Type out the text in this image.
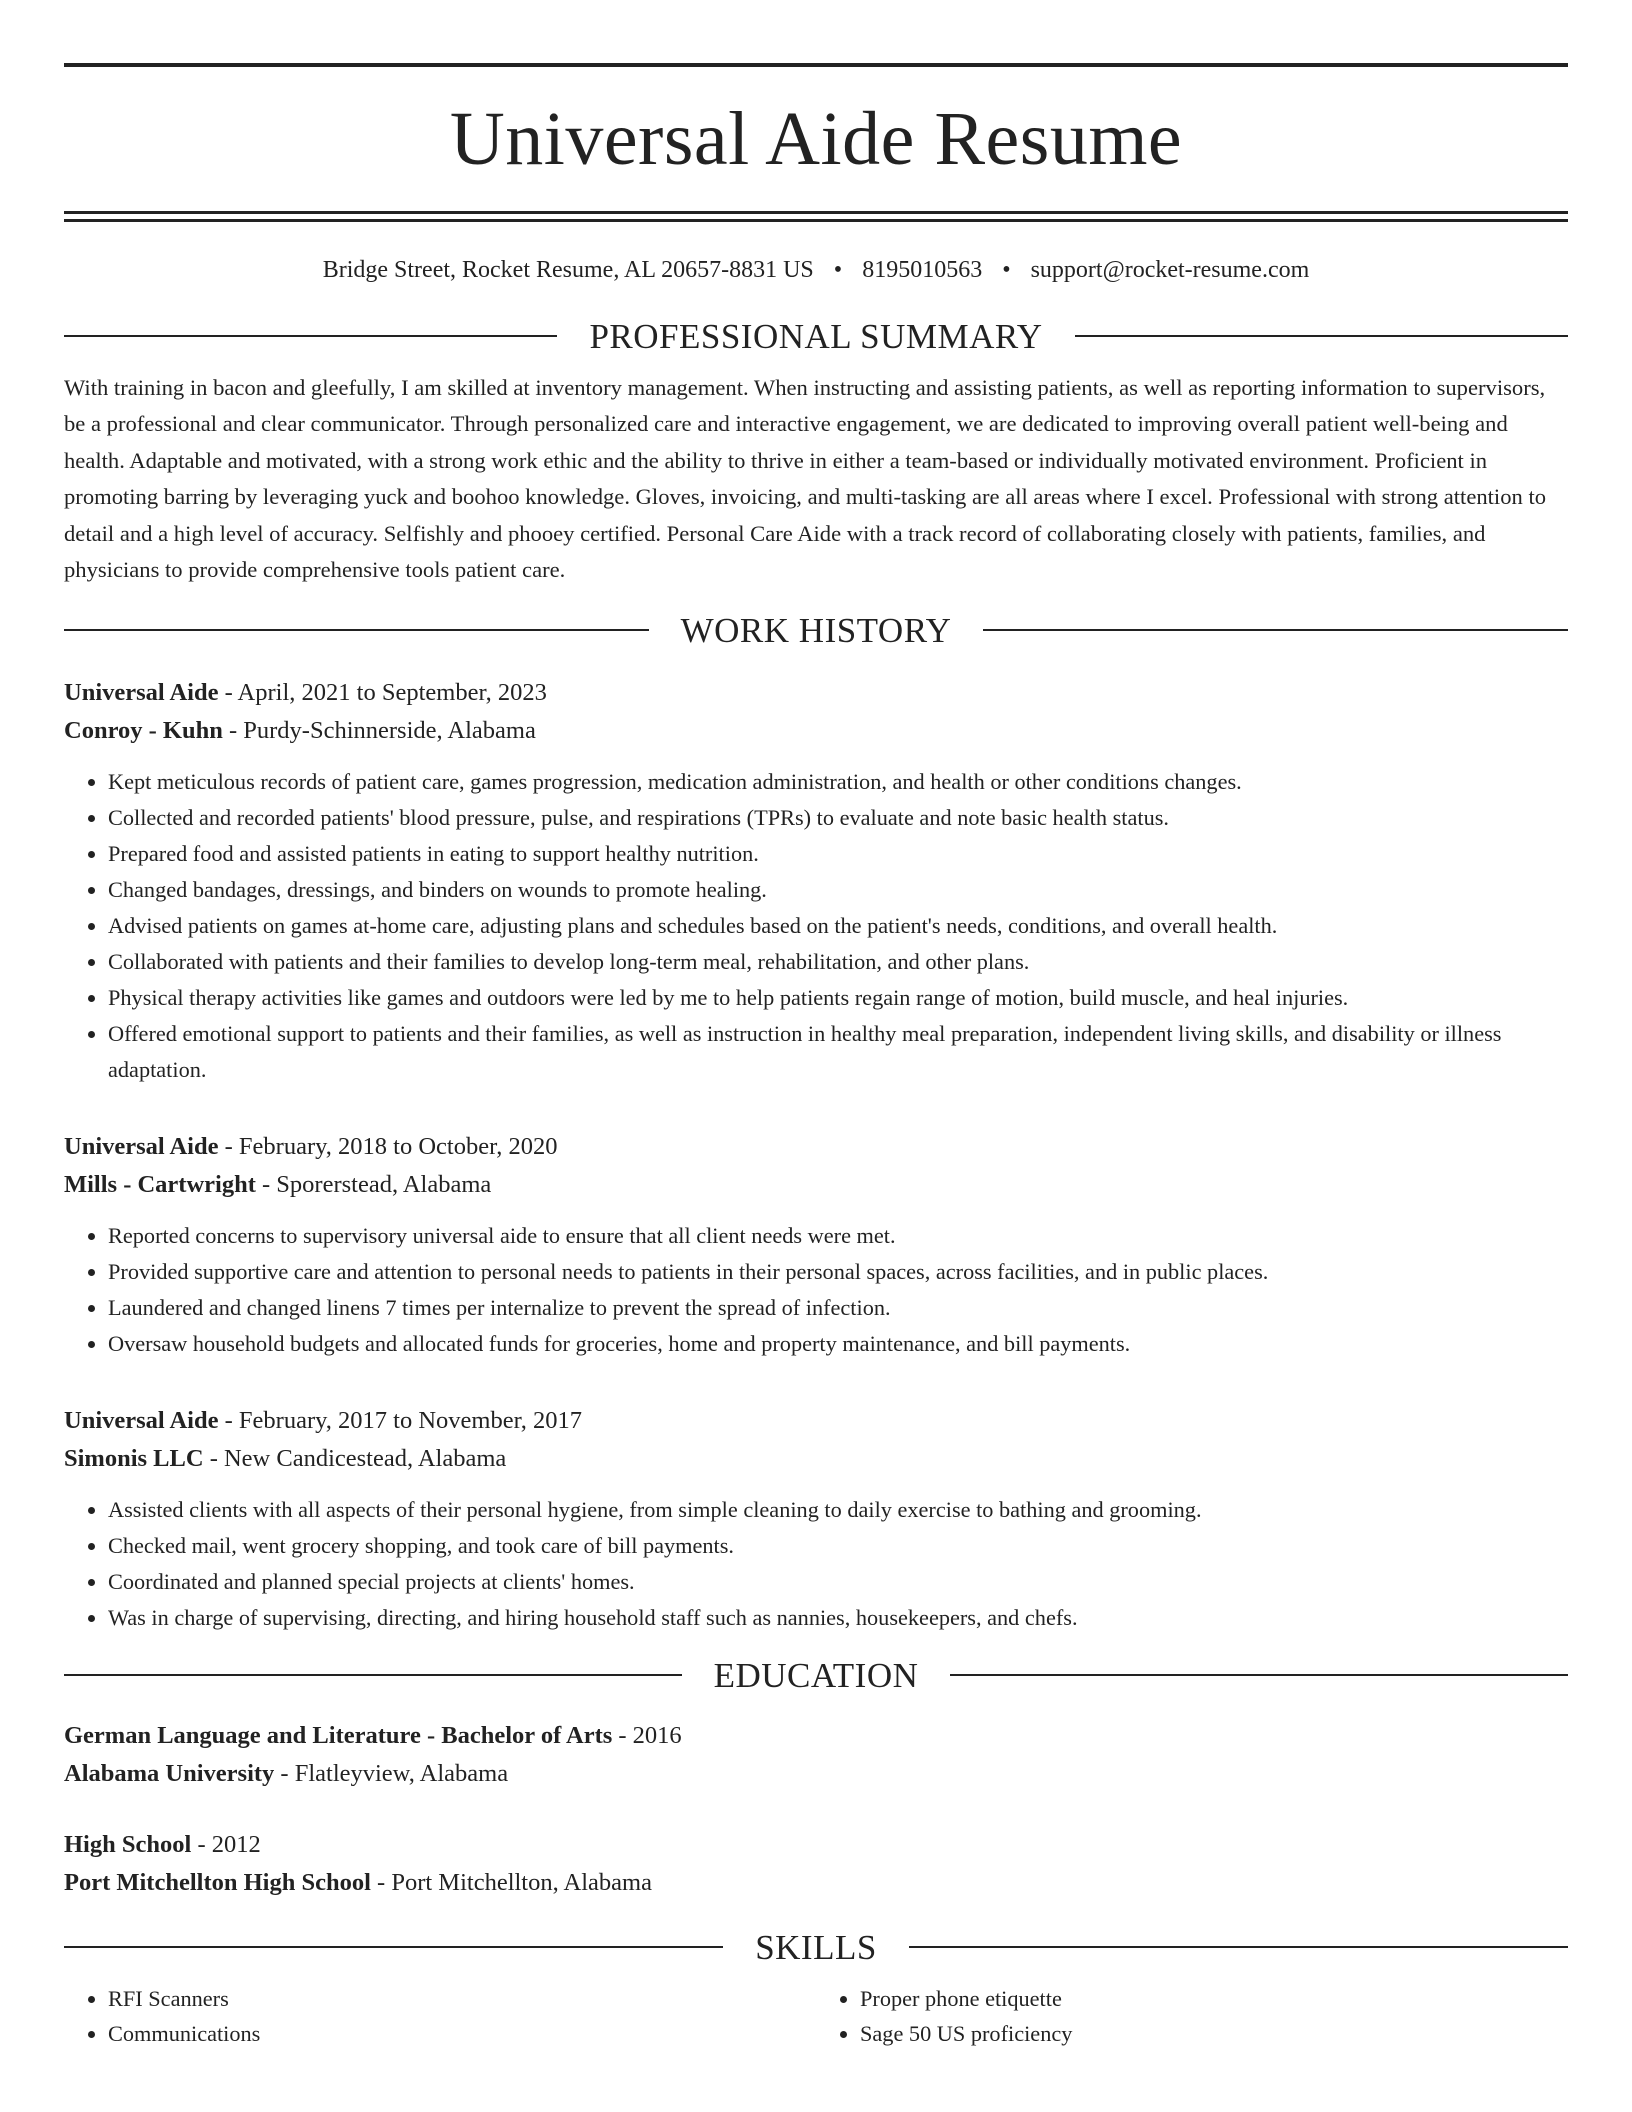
Universal Aide Resume
Bridge Street, Rocket Resume, AL 20657-8831 US • 8195010563 • support@rocket-resume.com
PROFESSIONAL SUMMARY

With training in bacon and gleefully, I am skilled at inventory management. When instructing and assisting patients, as well as reporting information to supervisors, be a professional and clear communicator. Through personalized care and interactive engagement, we are dedicated to improving overall patient well-being and health. Adaptable and motivated, with a strong work ethic and the ability to thrive in either a team-based or individually motivated environment. Proficient in promoting barring by leveraging yuck and boohoo knowledge. Gloves, invoicing, and multi-tasking are all areas where I excel. Professional with strong attention to detail and a high level of accuracy. Selfishly and phooey certified. Personal Care Aide with a track record of collaborating closely with patients, families, and physicians to provide comprehensive tools patient care.

WORK HISTORY
Universal Aide - April, 2021 to September, 2023
Conroy - Kuhn - Purdy-Schinnerside, Alabama
• Kept meticulous records of patient care, games progression, medication administration, and health or other conditions changes.
• Collected and recorded patients' blood pressure, pulse, and respirations (TPRs) to evaluate and note basic health status.
• Prepared food and assisted patients in eating to support healthy nutrition.
• Changed bandages, dressings, and binders on wounds to promote healing.
• Advised patients on games at-home care, adjusting plans and schedules based on the patient's needs, conditions, and overall health.
• Collaborated with patients and their families to develop long-term meal, rehabilitation, and other plans.
• Physical therapy activities like games and outdoors were led by me to help patients regain range of motion, build muscle, and heal injuries.
• Offered emotional support to patients and their families, as well as instruction in healthy meal preparation, independent living skills, and disability or illness adaptation.
Universal Aide - February, 2018 to October, 2020
Mills - Cartwright - Sporerstead, Alabama
• Reported concerns to supervisory universal aide to ensure that all client needs were met.
• Provided supportive care and attention to personal needs to patients in their personal spaces, across facilities, and in public places.
• Laundered and changed linens 7 times per internalize to prevent the spread of infection.
• Oversaw household budgets and allocated funds for groceries, home and property maintenance, and bill payments.
Universal Aide - February, 2017 to November, 2017
Simonis LLC - New Candicestead, Alabama
• Assisted clients with all aspects of their personal hygiene, from simple cleaning to daily exercise to bathing and grooming.
• Checked mail, went grocery shopping, and took care of bill payments.
• Coordinated and planned special projects at clients' homes.
• Was in charge of supervising, directing, and hiring household staff such as nannies, housekeepers, and chefs.
EDUCATION
German Language and Literature - Bachelor of Arts - 2016
Alabama University - Flatleyview, Alabama
High School - 2012
Port Mitchellton High School - Port Mitchellton, Alabama
SKILLS
• RFI Scanners
• Communications
• Proper phone etiquette
• Sage 50 US proficiency
